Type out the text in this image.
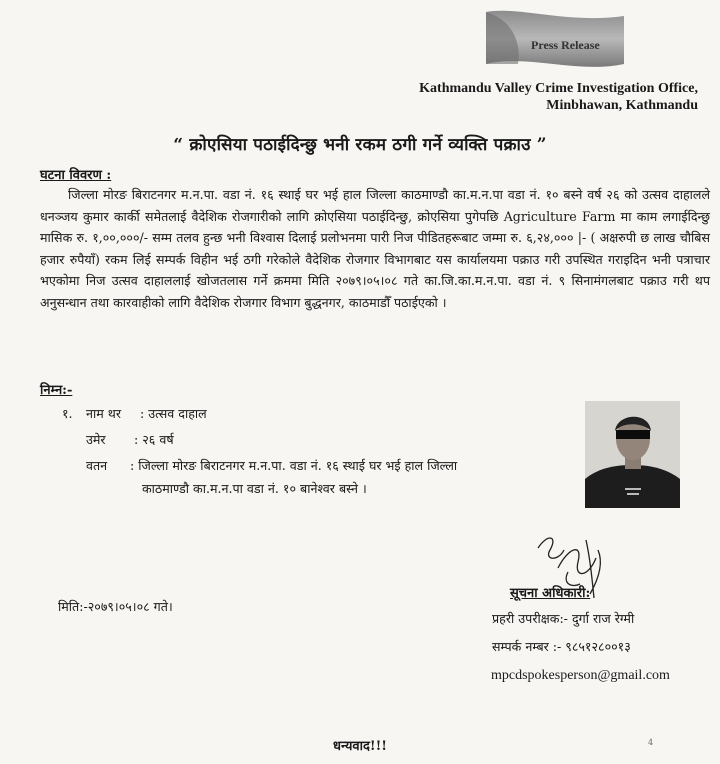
Press Release
Kathmandu Valley Crime Investigation Office,
Minbhawan, Kathmandu
“ क्रोएसिया पठाईदिन्छु भनी रकम ठगी गर्ने व्यक्ति पक्राउ ”
घटना विवरण :
जिल्ला मोरङ बिराटनगर म.न.पा. वडा नं. १६ स्थाई घर भई हाल जिल्ला काठमाण्डौ का.म.न.पा वडा नं. १० बस्ने वर्ष २६ को उत्सव दाहालले धनञ्जय कुमार कार्की समेतलाई वैदेशिक रोजगारीको लागि क्रोएसिया पठाईदिन्छु, क्रोएसिया पुगेपछि Agriculture Farm मा काम लगाईदिन्छु मासिक रु. १,००,०००/- सम्म तलव हुन्छ भनी विश्वास दिलाई प्रलोभनमा पारी निज पीडितहरूबाट जम्मा रु. ६,२४,००० |- ( अक्षरुपी छ लाख चौबिस हजार रुपैयाँ) रकम लिई सम्पर्क विहीन भई ठगी गरेकोले वैदेशिक रोजगार विभागबाट यस कार्यालयमा पक्राउ गरी उपस्थित गराइदिन भनी पत्राचार भएकोमा निज उत्सव दाहाललाई खोजतलास गर्ने क्रममा मिति २०७९।०५।०८ गते का.जि.का.म.न.पा. वडा नं. ९ सिनामंगलबाट पक्राउ गरी थप अनुसन्धान तथा कारवाहीको लागि वैदेशिक रोजगार विभाग बुद्धनगर, काठमाडौँ पठाईएको ।
निम्न:-
१. नाम थर : उत्सव दाहाल
उमेर : २६ वर्ष
वतन : जिल्ला मोरङ बिराटनगर म.न.पा. वडा नं. १६ स्थाई घर भई हाल जिल्ला
काठमाण्डौ का.म.न.पा वडा नं. १० बानेश्वर बस्ने ।
सूचना अधिकारी:
प्रहरी उपरीक्षक:- दुर्गा राज रेग्मी
सम्पर्क नम्बर :- ९८५१२८००१३
mpcdspokesperson@gmail.com
मिति:-२०७९।०५।०८ गते।
धन्यवाद!!!	4
